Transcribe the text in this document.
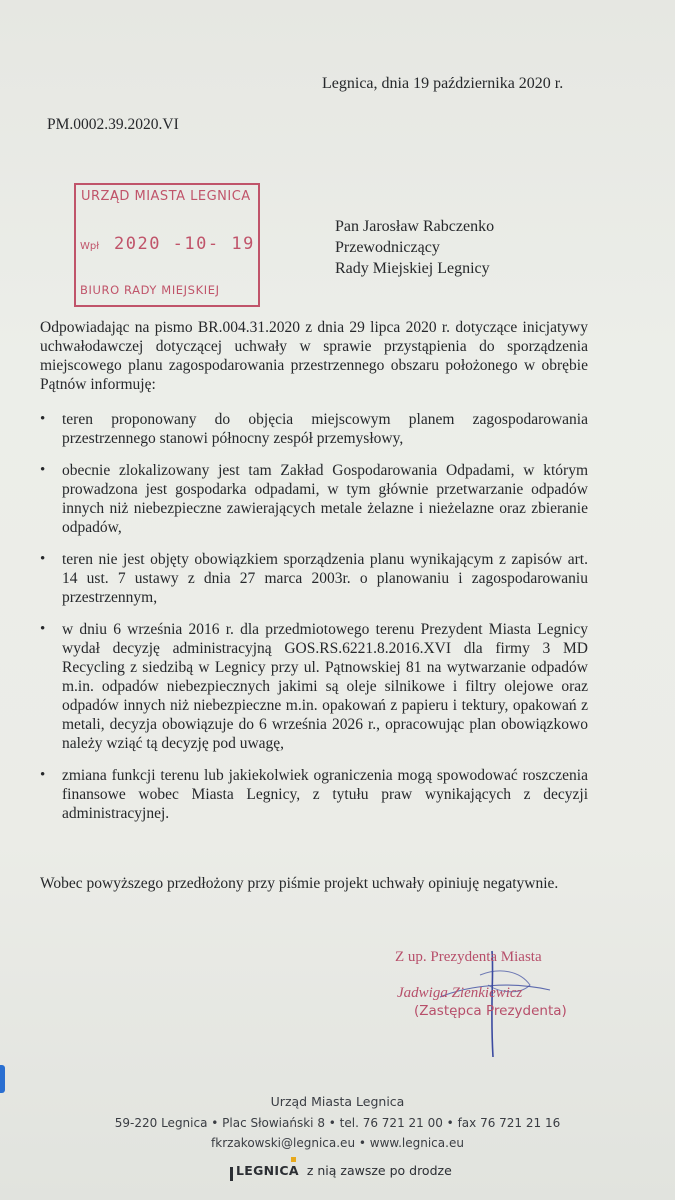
Legnica, dnia 19 października 2020 r.
PM.0002.39.2020.VI
URZĄD MIASTA LEGNICA
Wpł 2020 -10- 19
BIURO RADY MIEJSKIEJ
Pan Jarosław Rabczenko
Przewodniczący
Rady Miejskiej Legnicy
Odpowiadając na pismo BR.004.31.2020 z dnia 29 lipca 2020 r. dotyczące inicjatywy uchwałodawczej dotyczącej uchwały w sprawie przystąpienia do sporządzenia miejscowego planu zagospodarowania przestrzennego obszaru położonego w obrębie Pątnów informuję:
• teren proponowany do objęcia miejscowym planem zagospodarowania przestrzennego stanowi północny zespół przemysłowy,
• obecnie zlokalizowany jest tam Zakład Gospodarowania Odpadami, w którym prowadzona jest gospodarka odpadami, w tym głównie przetwarzanie odpadów innych niż niebezpieczne zawierających metale żelazne i nieżelazne oraz zbieranie odpadów,
• teren nie jest objęty obowiązkiem sporządzenia planu wynikającym z zapisów art. 14 ust. 7 ustawy z dnia 27 marca 2003r. o planowaniu i zagospodarowaniu przestrzennym,
• w dniu 6 września 2016 r. dla przedmiotowego terenu Prezydent Miasta Legnicy wydał decyzję administracyjną GOS.RS.6221.8.2016.XVI dla firmy 3 MD Recycling z siedzibą w Legnicy przy ul. Pątnowskiej 81 na wytwarzanie odpadów m.in. odpadów niebezpiecznych jakimi są oleje silnikowe i filtry olejowe oraz odpadów innych niż niebezpieczne m.in. opakowań z papieru i tektury, opakowań z metali, decyzja obowiązuje do 6 września 2026 r., opracowując plan obowiązkowo należy wziąć tą decyzję pod uwagę,
• zmiana funkcji terenu lub jakiekolwiek ograniczenia mogą spowodować roszczenia finansowe wobec Miasta Legnicy, z tytułu praw wynikających z decyzji administracyjnej.
Wobec powyższego przedłożony przy piśmie projekt uchwały opiniuję negatywnie.
Z up. Prezydenta Miasta
Jadwiga Zienkiewicz
(Zastępca Prezydenta)
Urząd Miasta Legnica
59-220 Legnica • Plac Słowiański 8 • tel. 76 721 21 00 • fax 76 721 21 16
fkrzakowski@legnica.eu • www.legnica.eu
LEGNICA z nią zawsze po drodze
